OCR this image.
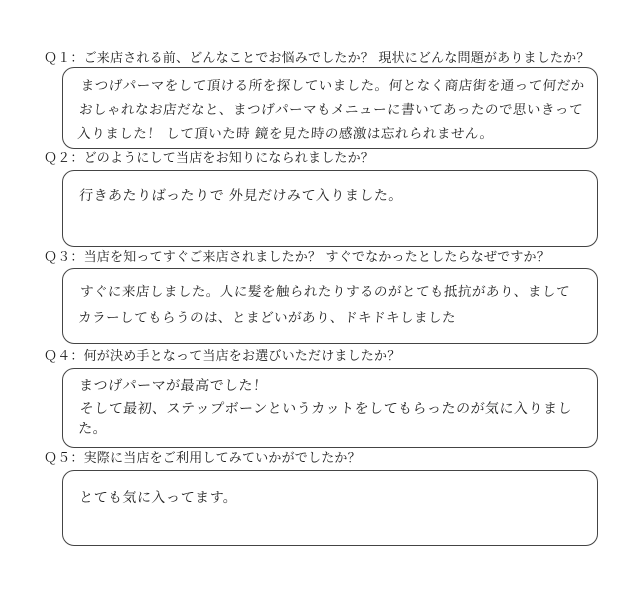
Ｑ１：ご来店される前、どんなことでお悩みでしたか？ 現状にどんな問題がありましたか？
まつげパーマをして頂ける所を探していました。何となく商店街を通って何だかおしゃれなお店だなと、まつげパーマもメニューに書いてあったので思いきって入りました！ して頂いた時 鏡を見た時の感激は忘れられません。
Ｑ２：どのようにして当店をお知りになられましたか？
行きあたりばったりで 外見だけみて入りました。
Ｑ３：当店を知ってすぐご来店されましたか？ すぐでなかったとしたらなぜですか？
すぐに来店しました。人に髪を触られたりするのがとても抵抗があり、まして カラーしてもらうのは、とまどいがあり、ドキドキしました
Ｑ４：何が決め手となって当店をお選びいただけましたか？
まつげパーマが最高でした！
そして最初、ステップボーンというカットをしてもらったのが気に入りました。
Ｑ５：実際に当店をご利用してみていかがでしたか？
とても気に入ってます。
